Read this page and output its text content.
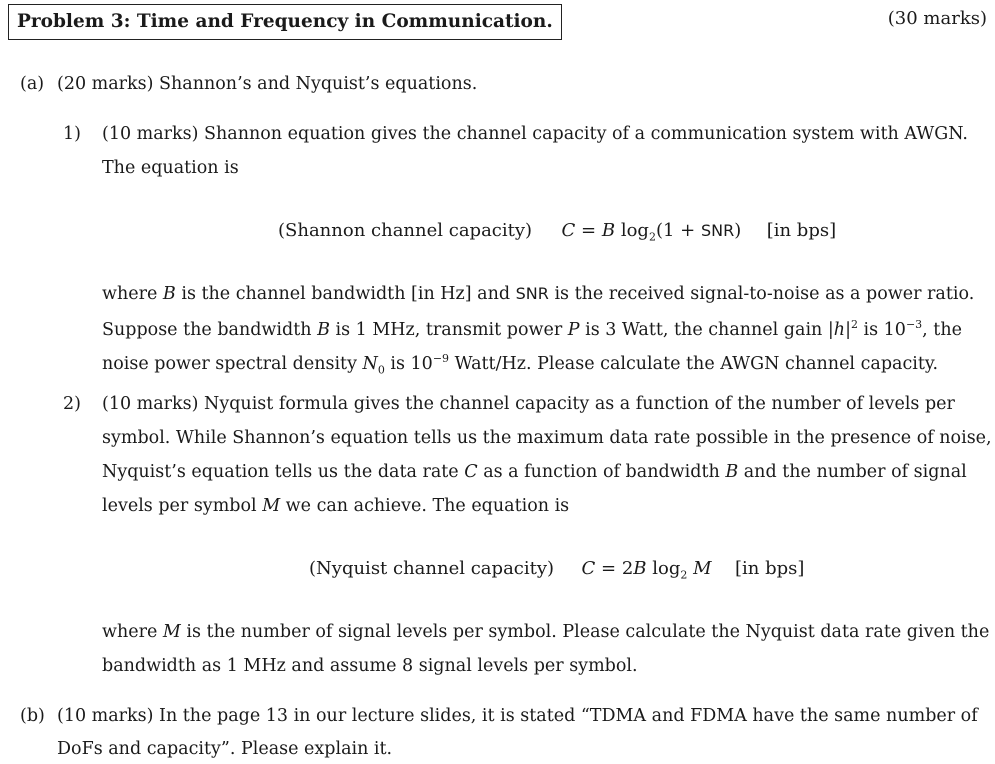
Problem 3: Time and Frequency in Communication.	(30 marks)
(a) (20 marks) Shannon’s and Nyquist’s equations.
1) (10 marks) Shannon equation gives the channel capacity of a communication system with AWGN.
The equation is
(Shannon channel capacity) C = B $\log_2(1 + SNR)$ [in bps]
where B is the channel bandwidth [in Hz] and SNR is the received signal-to-noise as a power ratio.
Suppose the bandwidth B is 1 MHz, transmit power P is 3 Watt, the channel gain $|h|^2$ is $10^{-3}$, the
noise power spectral density $N_0$ is $10^{-9}$ Watt/Hz. Please calculate the AWGN channel capacity.
2) (10 marks) Nyquist formula gives the channel capacity as a function of the number of levels per
symbol. While Shannon’s equation tells us the maximum data rate possible in the presence of noise,
Nyquist’s equation tells us the data rate C as a function of bandwidth B and the number of signal
levels per symbol M we can achieve. The equation is
(Nyquist channel capacity) C = 2B $\log_2 M$ [in bps]
where M is the number of signal levels per symbol. Please calculate the Nyquist data rate given the
bandwidth as 1 MHz and assume 8 signal levels per symbol.
(b) (10 marks) In the page 13 in our lecture slides, it is stated “TDMA and FDMA have the same number of
DoFs and capacity”. Please explain it.
